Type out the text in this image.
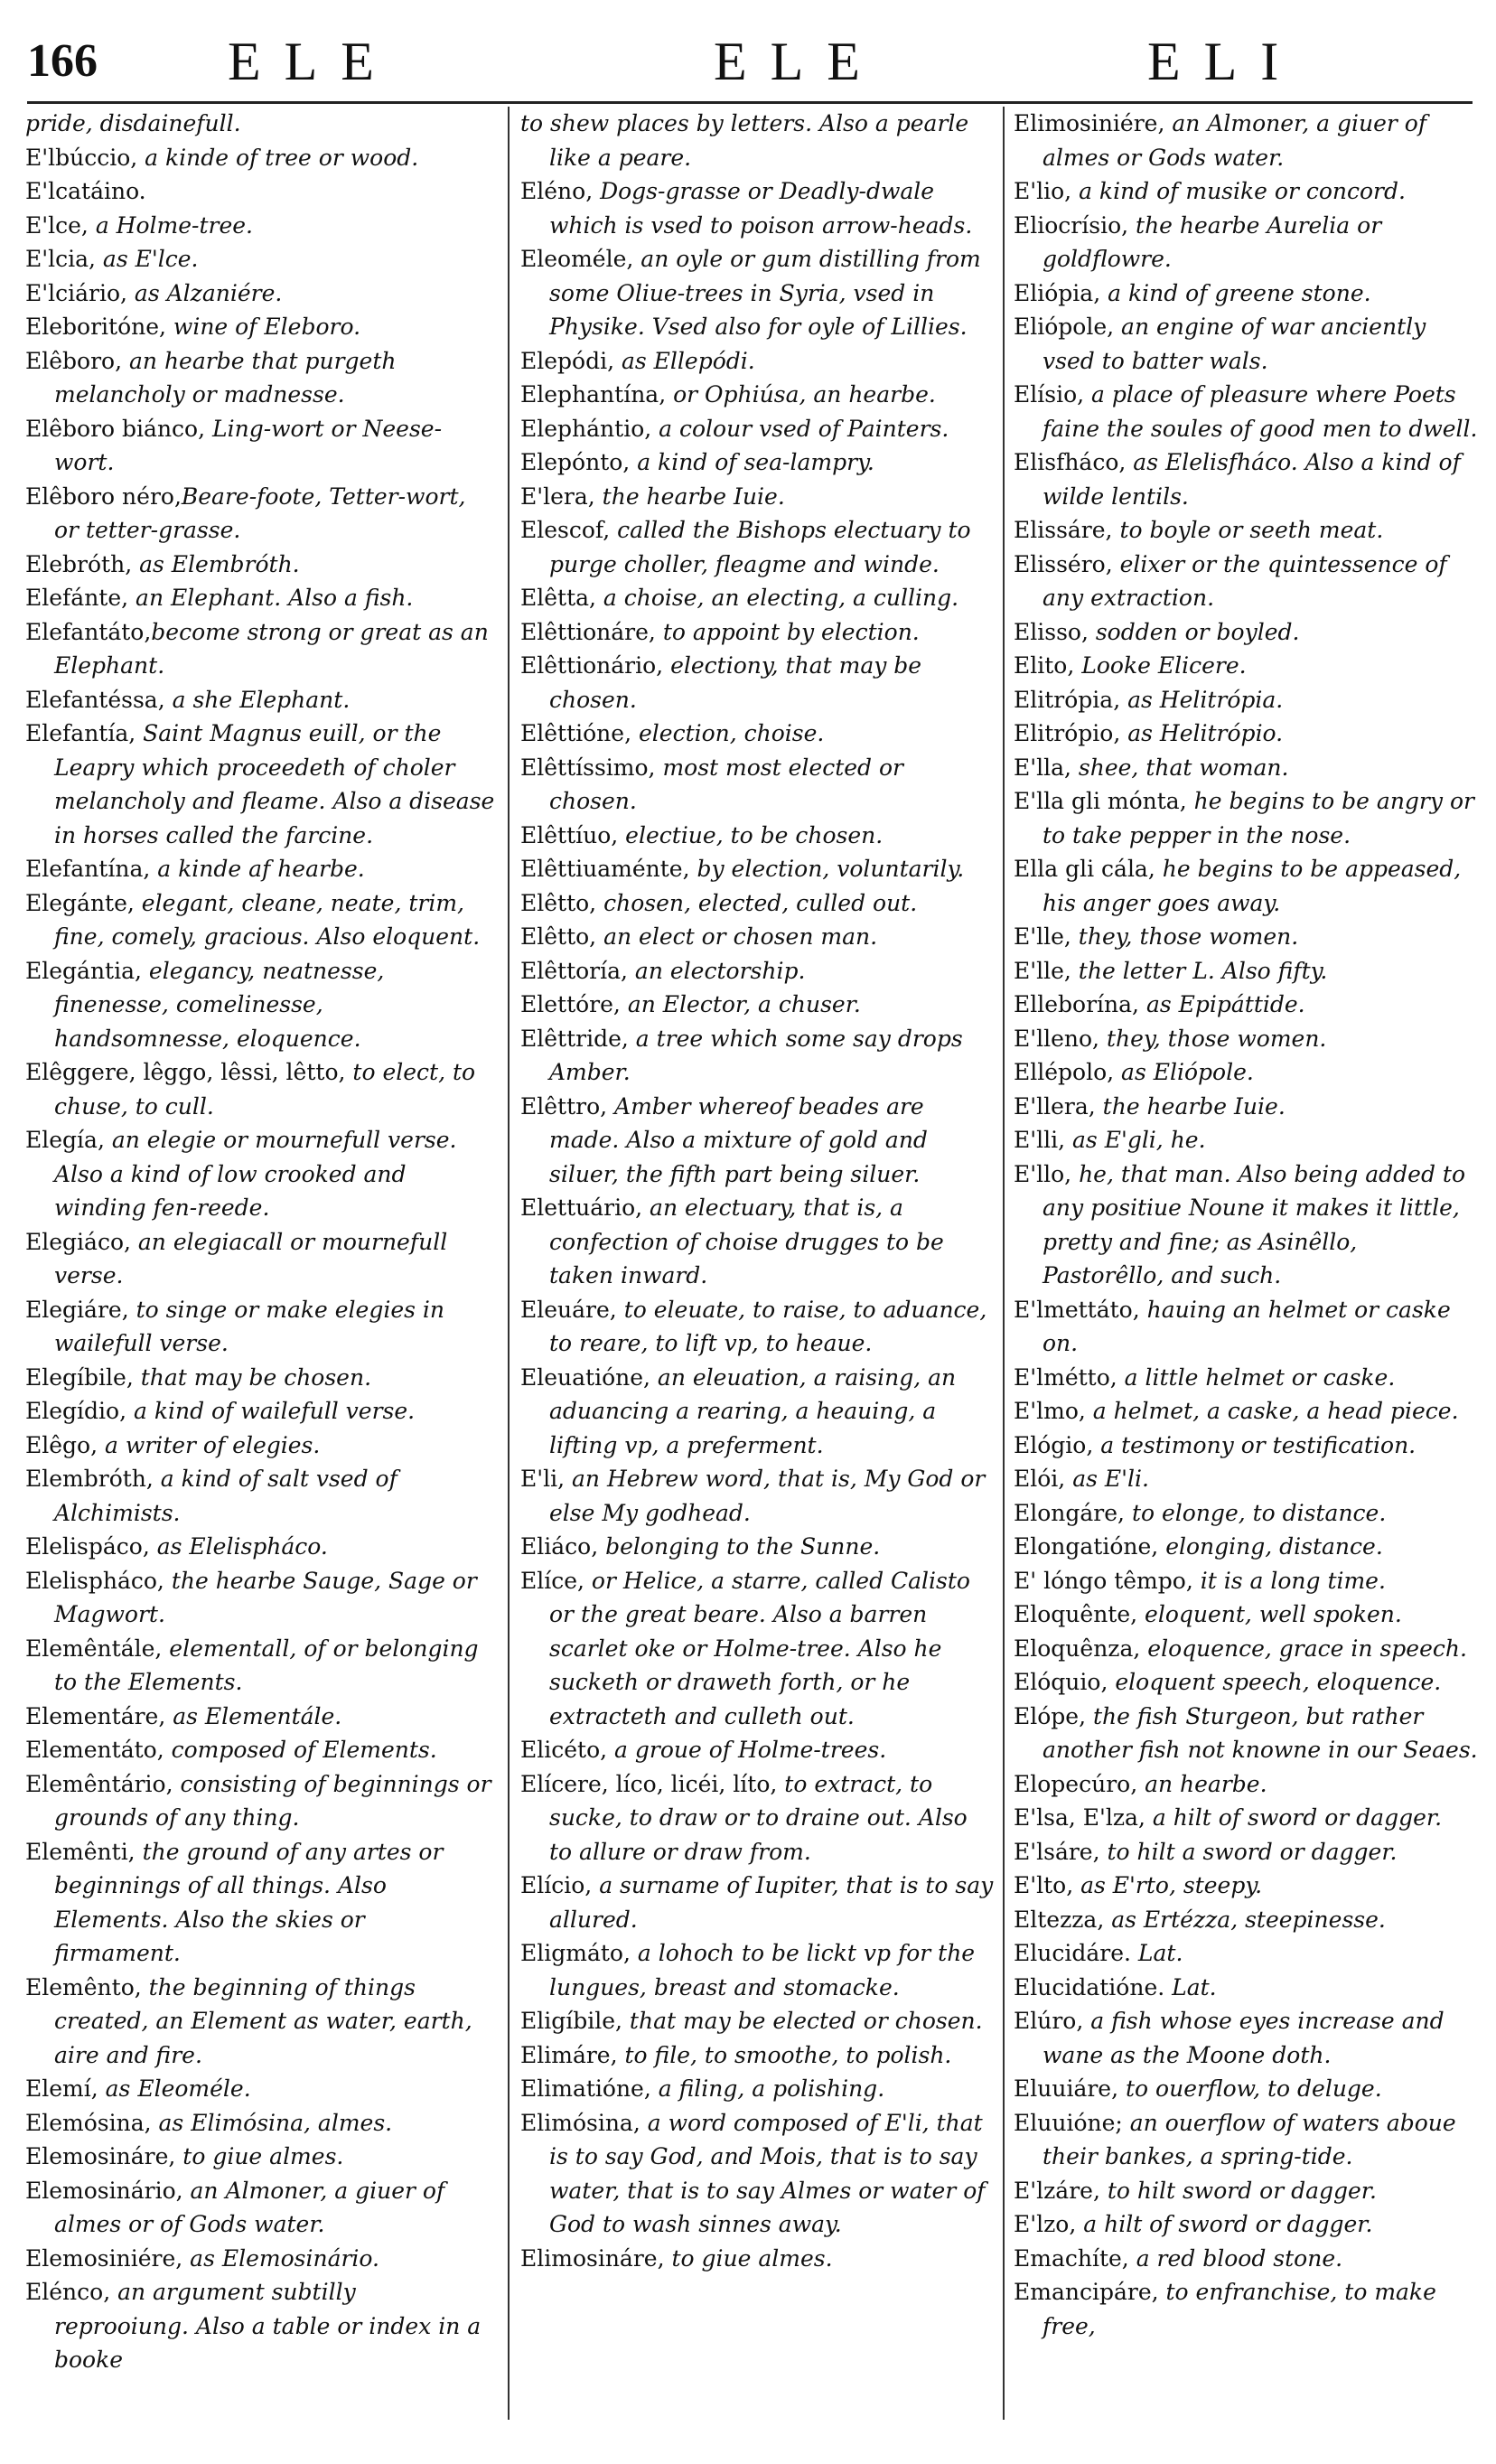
166 ELE	ELE	ELI

pride, disdainefull.

E'lbúccio, a kinde of tree or wood.

E'lcatáino.

E'lce, a Holme-tree.

E'lcia, as E'lce.

E'lciário, as Alzaniére.

Eleboritóne, wine of Eleboro.

Elêboro, an hearbe that purgeth melancholy or madnesse.

Elêboro biánco, Ling-wort or Neese-wort.

Elêboro néro,Beare-foote, Tetter-wort, or tetter-grasse.

Elebróth, as Elembróth.

Elefánte, an Elephant. Also a fish.

Elefantáto,become strong or great as an Elephant.

Elefantéssa, a she Elephant.

Elefantía, Saint Magnus euill, or the Leapry which proceedeth of choler melancholy and fleame. Also a disease in horses called the farcine.

Elefantína, a kinde af hearbe.

Elegánte, elegant, cleane, neate, trim, fine, comely, gracious. Also eloquent.

Elegántia, elegancy, neatnesse, finenesse, comelinesse, handsomnesse, eloquence.

Elêggere, lêggo, lêssi, lêtto, to elect, to chuse, to cull.

Elegía, an elegie or mournefull verse. Also a kind of low crooked and winding fen-reede.

Elegiáco, an elegiacall or mournefull verse.

Elegiáre, to singe or make elegies in wailefull verse.

Elegíbile, that may be chosen.

Elegídio, a kind of wailefull verse.

Elêgo, a writer of elegies.

Elembróth, a kind of salt vsed of Alchimists.

Elelispáco, as Elelispháco.

Elelispháco, the hearbe Sauge, Sage or Magwort.

Elemêntále, elementall, of or belonging to the Elements.

Elementáre, as Elementále.

Elementáto, composed of Elements.

Elemêntário, consisting of beginnings or grounds of any thing.

Elemênti, the ground of any artes or beginnings of all things. Also Elements. Also the skies or firmament.

Elemênto, the beginning of things created, an Element as water, earth, aire and fire.

Elemí, as Eleoméle.

Elemósina, as Elimósina, almes.

Elemosináre, to giue almes.

Elemosinário, an Almoner, a giuer of almes or of Gods water.

Elemosiniére, as Elemosinário.

Elénco, an argument subtilly reprooiung. Also a table or index in a booke

to shew places by letters. Also a pearle like a peare.

Eléno, Dogs-grasse or Deadly-dwale which is vsed to poison arrow-heads.

Eleoméle, an oyle or gum distilling from some Oliue-trees in Syria, vsed in Physike. Vsed also for oyle of Lillies.

Elepódi, as Ellepódi.

Elephantína, or Ophiúsa, an hearbe.

Elephántio, a colour vsed of Painters.

Elepónto, a kind of sea-lampry.

E'lera, the hearbe Iuie.

Elescof, called the Bishops electuary to purge choller, fleagme and winde.

Elêtta, a choise, an electing, a culling.

Elêttionáre, to appoint by election.

Elêttionário, electiony, that may be chosen.

Elêttióne, election, choise.

Elêttíssimo, most most elected or chosen.

Elêttíuo, electiue, to be chosen.

Elêttiuaménte, by election, voluntarily.

Elêtto, chosen, elected, culled out.

Elêtto, an elect or chosen man.

Elêttoría, an electorship.

Elettóre, an Elector, a chuser.

Elêttride, a tree which some say drops Amber.

Elêttro, Amber whereof beades are made. Also a mixture of gold and siluer, the fifth part being siluer.

Elettuário, an electuary, that is, a confection of choise drugges to be taken inward.

Eleuáre, to eleuate, to raise, to aduance, to reare, to lift vp, to heaue.

Eleuatióne, an eleuation, a raising, an aduancing a rearing, a heauing, a lifting vp, a preferment.

E'li, an Hebrew word, that is, My God or else My godhead.

Eliáco, belonging to the Sunne.

Elíce, or Helice, a starre, called Calisto or the great beare. Also a barren scarlet oke or Holme-tree. Also he sucketh or draweth forth, or he extracteth and culleth out.

Elicéto, a groue of Holme-trees.

Elícere, líco, licéi, líto, to extract, to sucke, to draw or to draine out. Also to allure or draw from.

Elício, a surname of Iupiter, that is to say allured.

Eligmáto, a lohoch to be lickt vp for the lungues, breast and stomacke.

Eligíbile, that may be elected or chosen.

Elimáre, to file, to smoothe, to polish.

Elimatióne, a filing, a polishing.

Elimósina, a word composed of E'li, that is to say God, and Mois, that is to say water, that is to say Almes or water of God to wash sinnes away.

Elimosináre, to giue almes.

Elimosiniére, an Almoner, a giuer of almes or Gods water.

E'lio, a kind of musike or concord.

Eliocrísio, the hearbe Aurelia or goldflowre.

Eliópia, a kind of greene stone.

Eliópole, an engine of war anciently vsed to batter wals.

Elísio, a place of pleasure where Poets faine the soules of good men to dwell.

Elisfháco, as Elelisfháco. Also a kind of wilde lentils.

Elissáre, to boyle or seeth meat.

Elisséro, elixer or the quintessence of any extraction.

Elisso, sodden or boyled.

Elito, Looke Elicere.

Elitrópia, as Helitrópia.

Elitrópio, as Helitrópio.

E'lla, shee, that woman.

E'lla gli mónta, he begins to be angry or to take pepper in the nose.

Ella gli cála, he begins to be appeased, his anger goes away.

E'lle, they, those women.

E'lle, the letter L. Also fifty.

Elleborína, as Epipáttide.

E'lleno, they, those women.

Ellépolo, as Eliópole.

E'llera, the hearbe Iuie.

E'lli, as E'gli, he.

E'llo, he, that man. Also being added to any positiue Noune it makes it little, pretty and fine; as Asinêllo, Pastorêllo, and such.

E'lmettáto, hauing an helmet or caske on.

E'lmétto, a little helmet or caske.

E'lmo, a helmet, a caske, a head piece.

Elógio, a testimony or testification.

Elói, as E'li.

Elongáre, to elonge, to distance.

Elongatióne, elonging, distance.

E' lóngo têmpo, it is a long time.

Eloquênte, eloquent, well spoken.

Eloquênza, eloquence, grace in speech.

Elóquio, eloquent speech, eloquence.

Elópe, the fish Sturgeon, but rather another fish not knowne in our Seaes.

Elopecúro, an hearbe.

E'lsa, E'lza, a hilt of sword or dagger.

E'lsáre, to hilt a sword or dagger.

E'lto, as E'rto, steepy.

Eltezza, as Ertézza, steepinesse.

Elucidáre. Lat.

Elucidatióne. Lat.

Elúro, a fish whose eyes increase and wane as the Moone doth.

Eluuiáre, to ouerflow, to deluge.

Eluuióne; an ouerflow of waters aboue their bankes, a spring-tide.

E'lzáre, to hilt sword or dagger.

E'lzo, a hilt of sword or dagger.

Emachíte, a red blood stone.

Emancipáre, to enfranchise, to make free,
